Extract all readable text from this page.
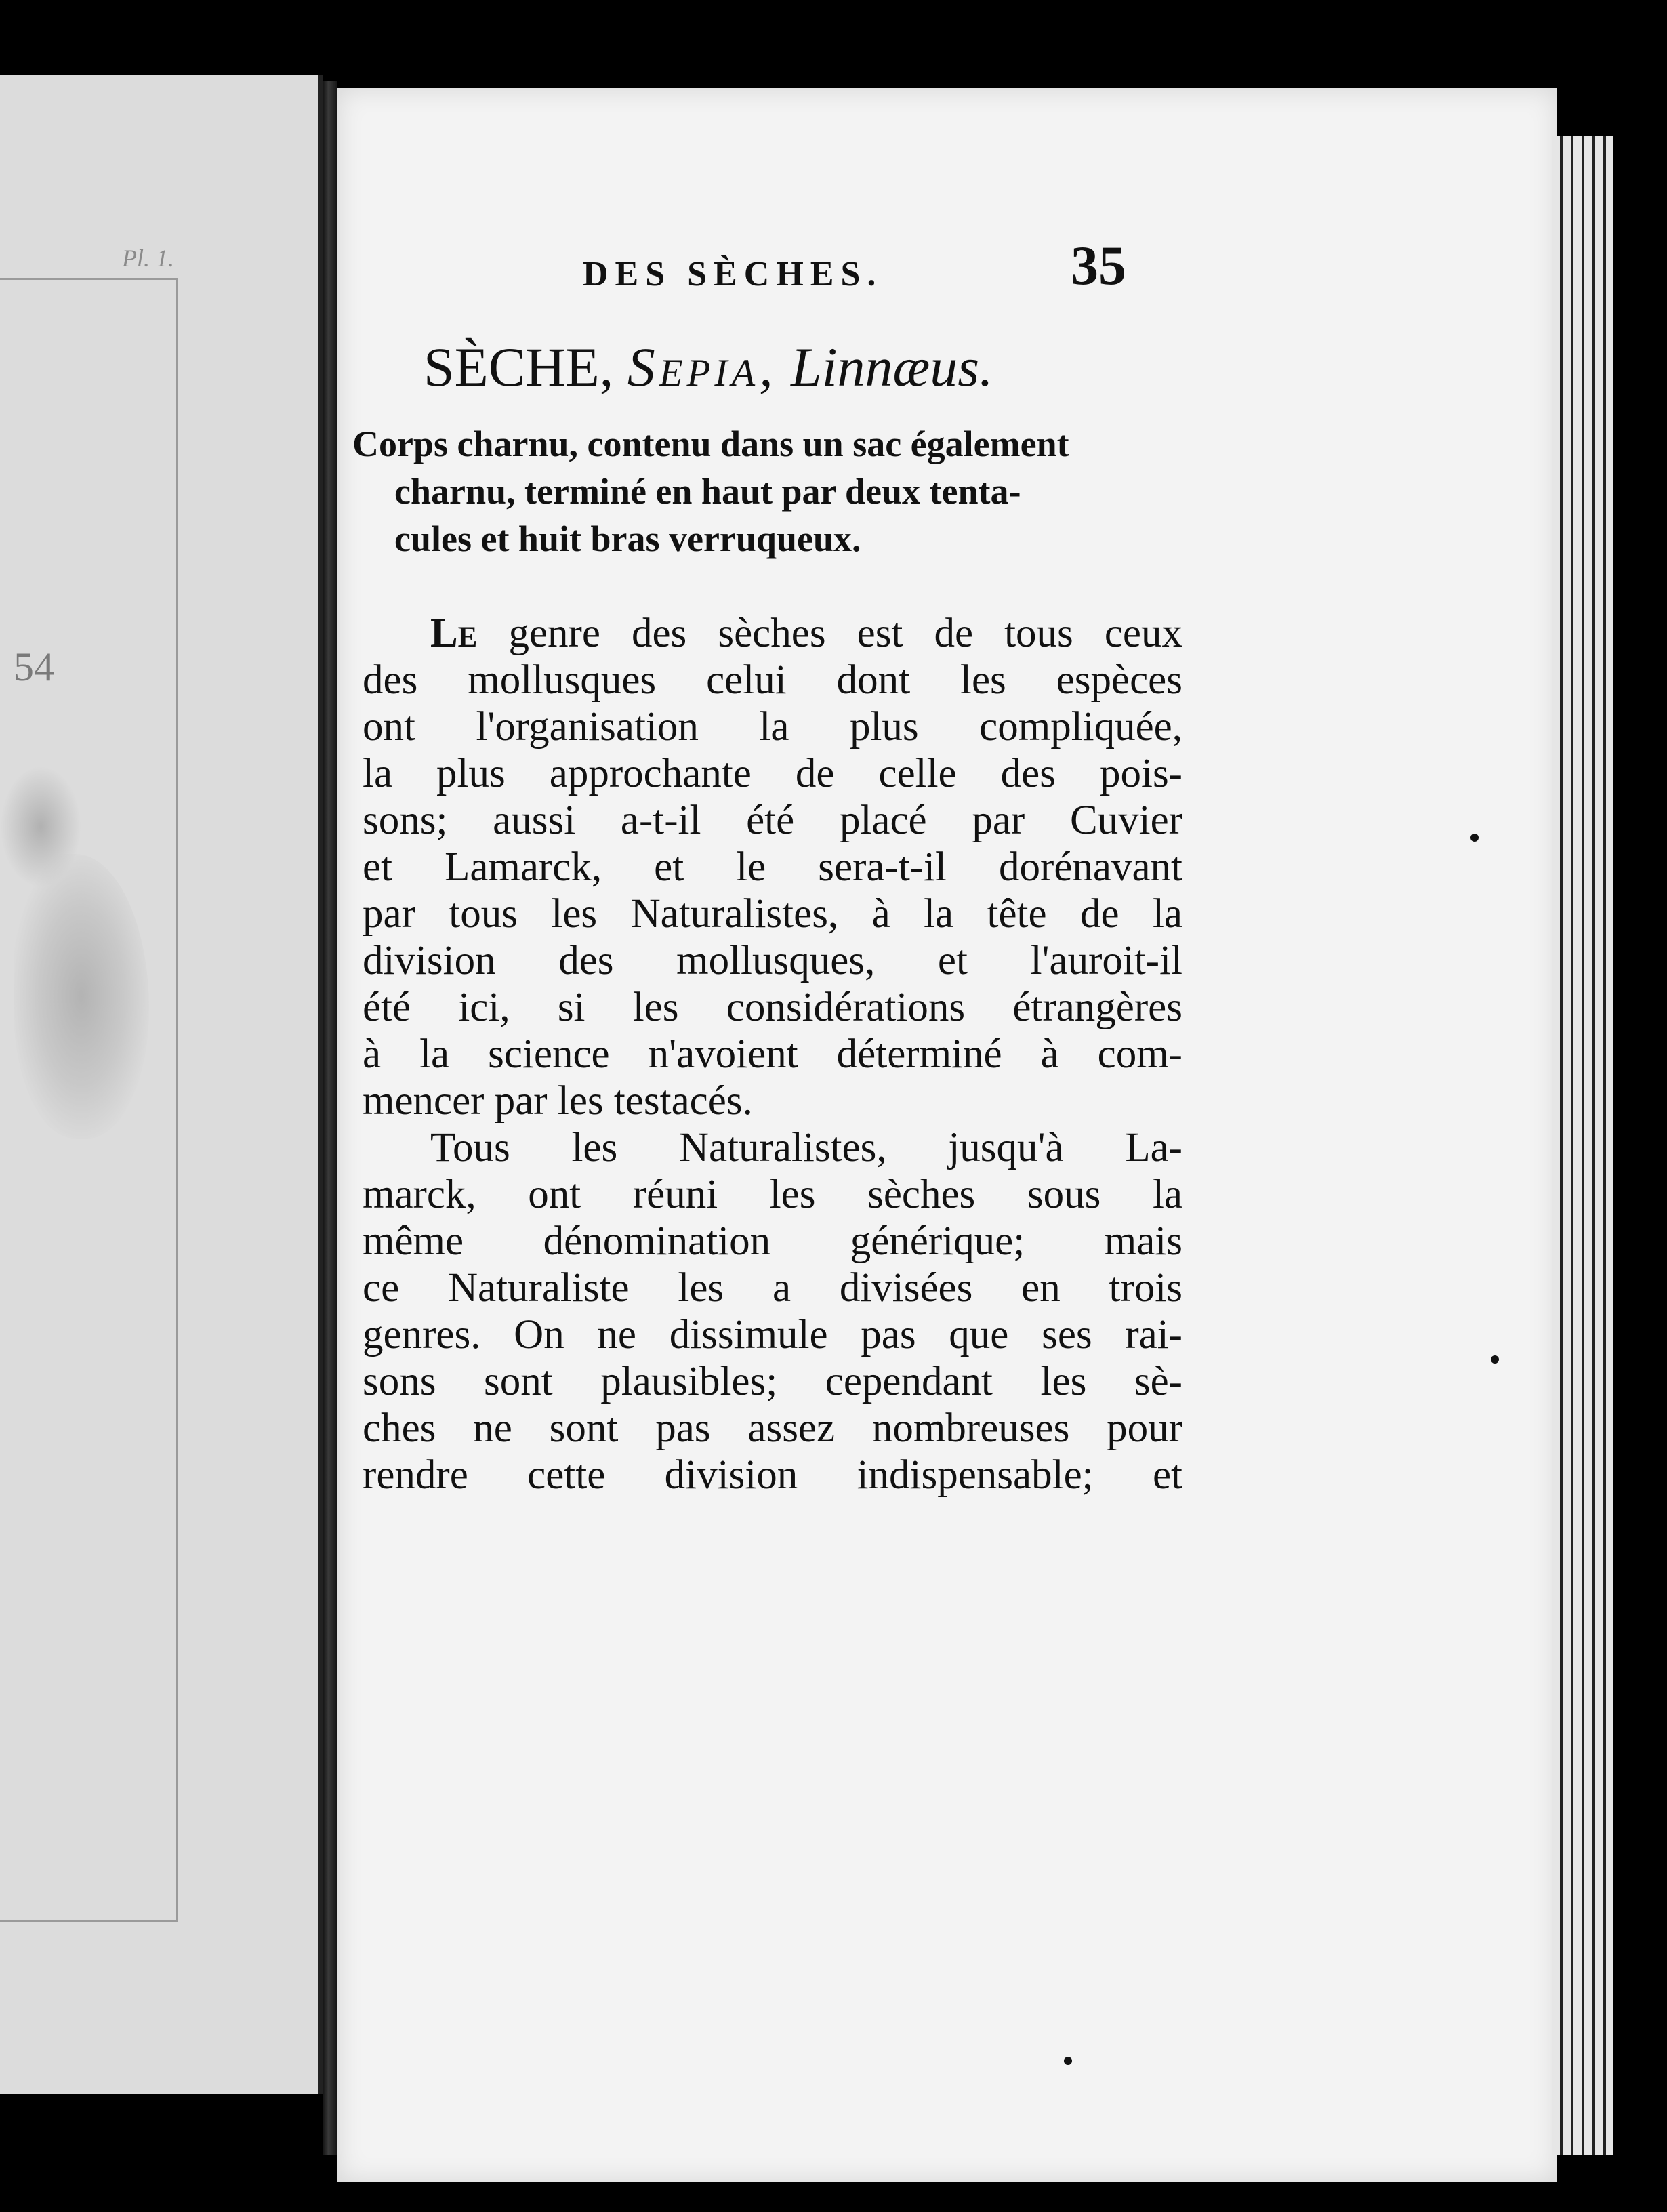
Pl. 1.
54
DES SÈCHES.	35
SÈCHE, Sepia, Linnæus.
Corps charnu, contenu dans un sac également
charnu, terminé en haut par deux tenta-
cules et huit bras verruqueux.
Le genre des sèches est de tous ceux
des mollusques celui dont les espèces
ont l'organisation la plus compliquée,
la plus approchante de celle des pois-
sons; aussi a-t-il été placé par Cuvier
et Lamarck, et le sera-t-il dorénavant
par tous les Naturalistes, à la tête de la
division des mollusques, et l'auroit-il
été ici, si les considérations étrangères
à la science n'avoient déterminé à com-
mencer par les testacés.
Tous les Naturalistes, jusqu'à La-
marck, ont réuni les sèches sous la
même dénomination générique; mais
ce Naturaliste les a divisées en trois
genres. On ne dissimule pas que ses rai-
sons sont plausibles; cependant les sè-
ches ne sont pas assez nombreuses pour
rendre cette division indispensable; et
